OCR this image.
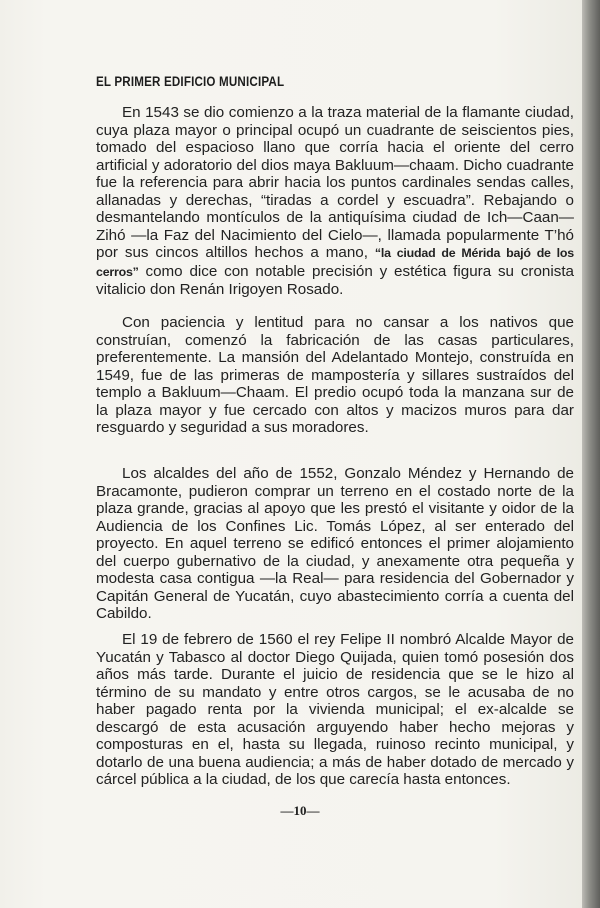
EL PRIMER EDIFICIO MUNICIPAL

En 1543 se dio comienzo a la traza material de la flamante ciudad, cuya plaza mayor o principal ocupó un cuadrante de seiscientos pies, tomado del espacioso llano que corría hacia el oriente del cerro artificial y adoratorio del dios maya Bakluum—chaam. Dicho cuadrante fue la referencia para abrir hacia los puntos cardinales sendas calles, allanadas y derechas, “tiradas a cordel y escuadra”. Rebajando o desmantelando montículos de la antiquísima ciudad de Ich—Caan—Zihó —la Faz del Nacimiento del Cielo—, llamada popularmente T’hó por sus cincos altillos hechos a mano, “la ciudad de Mérida bajó de los cerros” como dice con notable precisión y estética figura su cronista vitalicio don Renán Irigoyen Rosado.

Con paciencia y lentitud para no cansar a los nativos que construían, comenzó la fabricación de las casas particulares, preferentemente. La mansión del Adelantado Montejo, construída en 1549, fue de las primeras de mampostería y sillares sustraídos del templo a Bakluum—Chaam. El predio ocupó toda la manzana sur de la plaza mayor y fue cercado con altos y macizos muros para dar resguardo y seguridad a sus moradores.

Los alcaldes del año de 1552, Gonzalo Méndez y Hernando de Bracamonte, pudieron comprar un terreno en el costado norte de la plaza grande, gracias al apoyo que les prestó el visitante y oidor de la Audiencia de los Confines Lic. Tomás López, al ser enterado del proyecto. En aquel terreno se edificó entonces el primer alojamiento del cuerpo gubernativo de la ciudad, y anexamente otra pequeña y modesta casa contigua —la Real— para residencia del Gobernador y Capitán General de Yucatán, cuyo abastecimiento corría a cuenta del Cabildo.

El 19 de febrero de 1560 el rey Felipe II nombró Alcalde Mayor de Yucatán y Tabasco al doctor Diego Quijada, quien tomó posesión dos años más tarde. Durante el juicio de residencia que se le hizo al término de su mandato y entre otros cargos, se le acusaba de no haber pagado renta por la vivienda municipal; el ex-alcalde se descargó de esta acusación arguyendo haber hecho mejoras y composturas en el, hasta su llegada, ruinoso recinto municipal, y dotarlo de una buena audiencia; a más de haber dotado de mercado y cárcel pública a la ciudad, de los que carecía hasta entonces.

—10—
